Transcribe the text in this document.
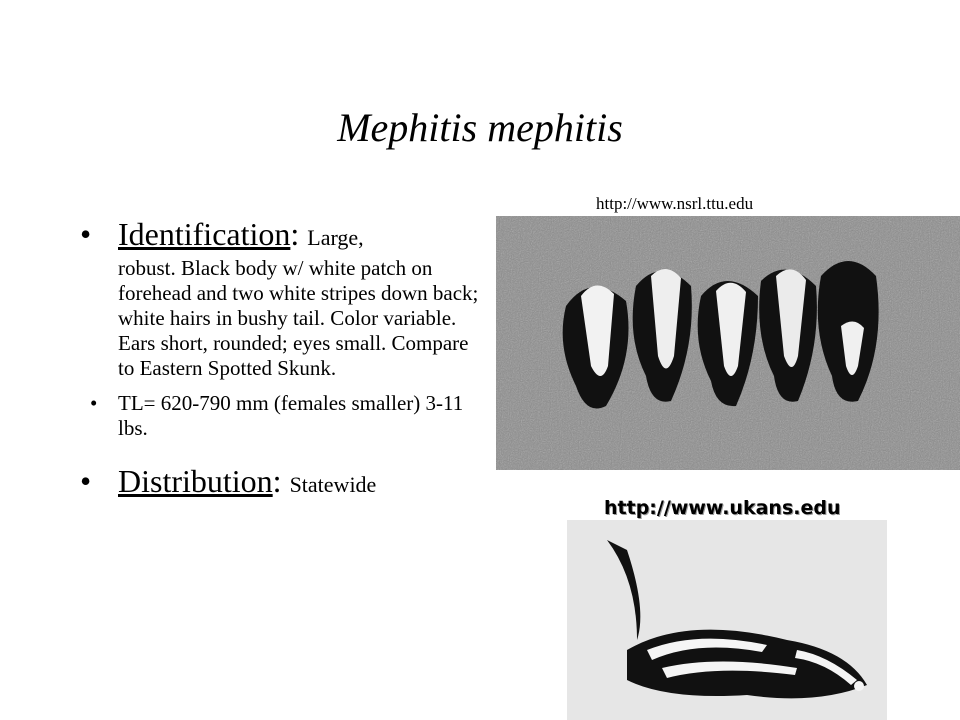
Mephitis mephitis
http://www.nsrl.ttu.edu
http://www.ukans.edu
• Identification: Large,
robust. Black body w/ white patch on forehead and two white stripes down back; white hairs in bushy tail. Color variable. Ears short, rounded; eyes small. Compare to Eastern Spotted Skunk.
• TL= 620-790 mm (females smaller) 3-11 lbs.
• Distribution: Statewide
